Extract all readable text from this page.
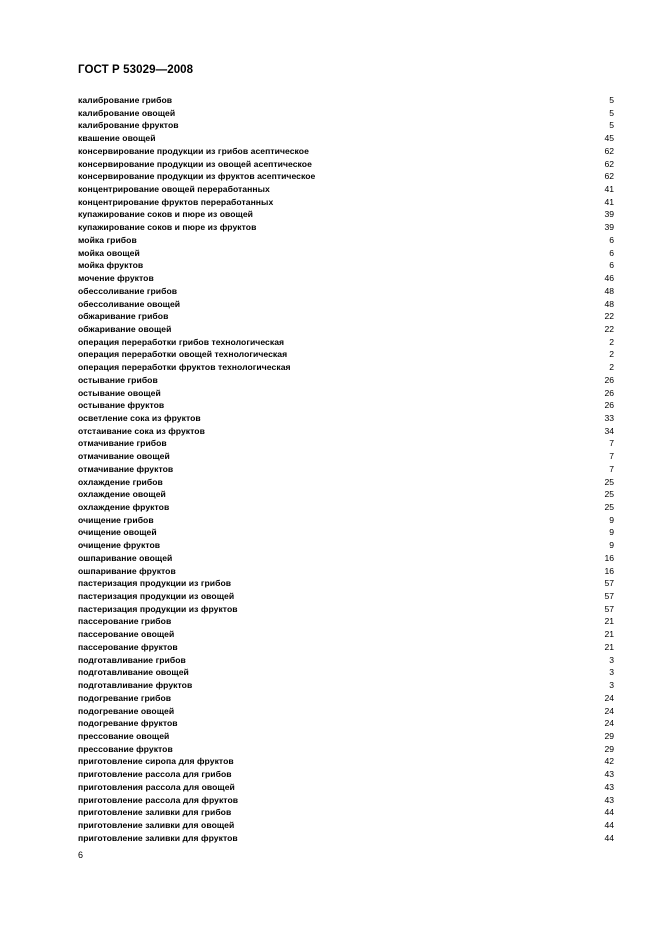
ГОСТ Р 53029—2008
калибрование грибов	5
калибрование овощей	5
калибрование фруктов	5
квашение овощей	45
консервирование продукции из грибов асептическое	62
консервирование продукции из овощей асептическое	62
консервирование продукции из фруктов асептическое	62
концентрирование овощей переработанных	41
концентрирование фруктов переработанных	41
купажирование соков и пюре из овощей	39
купажирование соков и пюре из фруктов	39
мойка грибов	6
мойка овощей	6
мойка фруктов	6
мочение фруктов	46
обессоливание грибов	48
обессоливание овощей	48
обжаривание грибов	22
обжаривание овощей	22
операция переработки грибов технологическая	2
операция переработки овощей технологическая	2
операция переработки фруктов технологическая	2
остывание грибов	26
остывание овощей	26
остывание фруктов	26
осветление сока из фруктов	33
отстаивание сока из фруктов	34
отмачивание грибов	7
отмачивание овощей	7
отмачивание фруктов	7
охлаждение грибов	25
охлаждение овощей	25
охлаждение фруктов	25
очищение грибов	9
очищение овощей	9
очищение фруктов	9
ошпаривание овощей	16
ошпаривание фруктов	16
пастеризация продукции из грибов	57
пастеризация продукции из овощей	57
пастеризация продукции из фруктов	57
пассерование грибов	21
пассерование овощей	21
пассерование фруктов	21
подготавливание грибов	3
подготавливание овощей	3
подготавливание фруктов	3
подогревание грибов	24
подогревание овощей	24
подогревание фруктов	24
прессование овощей	29
прессование фруктов	29
приготовление сиропа для фруктов	42
приготовление рассола для грибов	43
приготовления рассола для овощей	43
приготовление рассола для фруктов	43
приготовление заливки для грибов	44
приготовление заливки для овощей	44
приготовление заливки для фруктов	44
6
